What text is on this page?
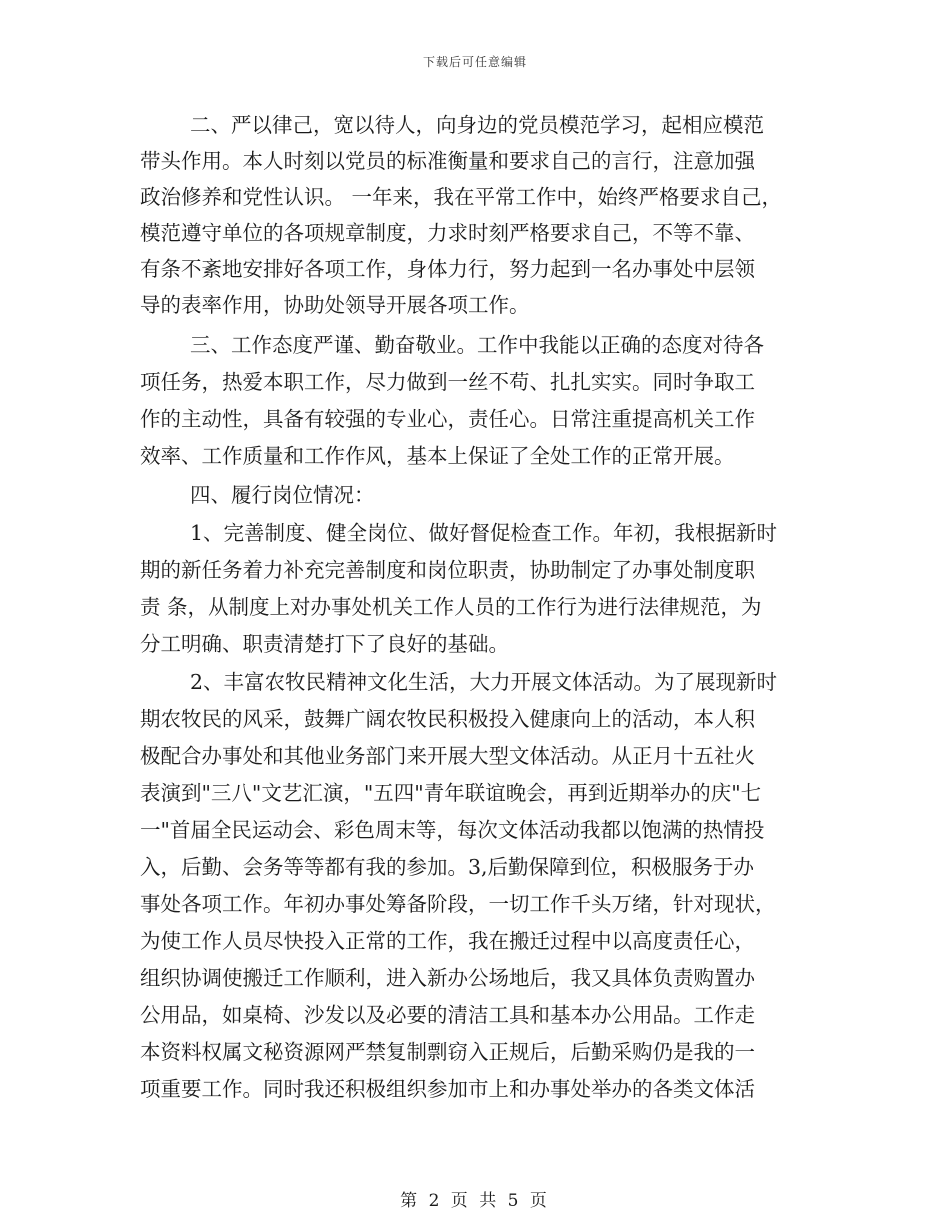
下载后可任意编辑
二、严以律己，宽以待人，向身边的党员模范学习，起相应模范
带头作用。本人时刻以党员的标准衡量和要求自己的言行，注意加强
政治修养和党性认识。 一年来，我在平常工作中，始终严格要求自己，
模范遵守单位的各项规章制度，力求时刻严格要求自己，不等不靠、
有条不紊地安排好各项工作，身体力行，努力起到一名办事处中层领
导的表率作用，协助处领导开展各项工作。
三、工作态度严谨、勤奋敬业。工作中我能以正确的态度对待各
项任务，热爱本职工作，尽力做到一丝不苟、扎扎实实。同时争取工
作的主动性，具备有较强的专业心，责任心。日常注重提高机关工作
效率、工作质量和工作作风，基本上保证了全处工作的正常开展。
四、履行岗位情况：
1、完善制度、健全岗位、做好督促检查工作。年初，我根据新时
期的新任务着力补充完善制度和岗位职责，协助制定了办事处制度职
责 条，从制度上对办事处机关工作人员的工作行为进行法律规范，为
分工明确、职责清楚打下了良好的基础。
2、丰富农牧民精神文化生活，大力开展文体活动。为了展现新时
期农牧民的风采，鼓舞广阔农牧民积极投入健康向上的活动，本人积
极配合办事处和其他业务部门来开展大型文体活动。从正月十五社火
表演到"三八"文艺汇演，"五四"青年联谊晚会，再到近期举办的庆"七
一"首届全民运动会、彩色周末等，每次文体活动我都以饱满的热情投
入，后勤、会务等等都有我的参加。3,后勤保障到位，积极服务于办
事处各项工作。年初办事处筹备阶段，一切工作千头万绪，针对现状，
为使工作人员尽快投入正常的工作，我在搬迁过程中以高度责任心，
组织协调使搬迁工作顺利，进入新办公场地后，我又具体负责购置办
公用品，如桌椅、沙发以及必要的清洁工具和基本办公用品。工作走
本资料权属文秘资源网严禁复制剽窃入正规后，后勤采购仍是我的一
项重要工作。同时我还积极组织参加市上和办事处举办的各类文体活
第 2 页 共 5 页
